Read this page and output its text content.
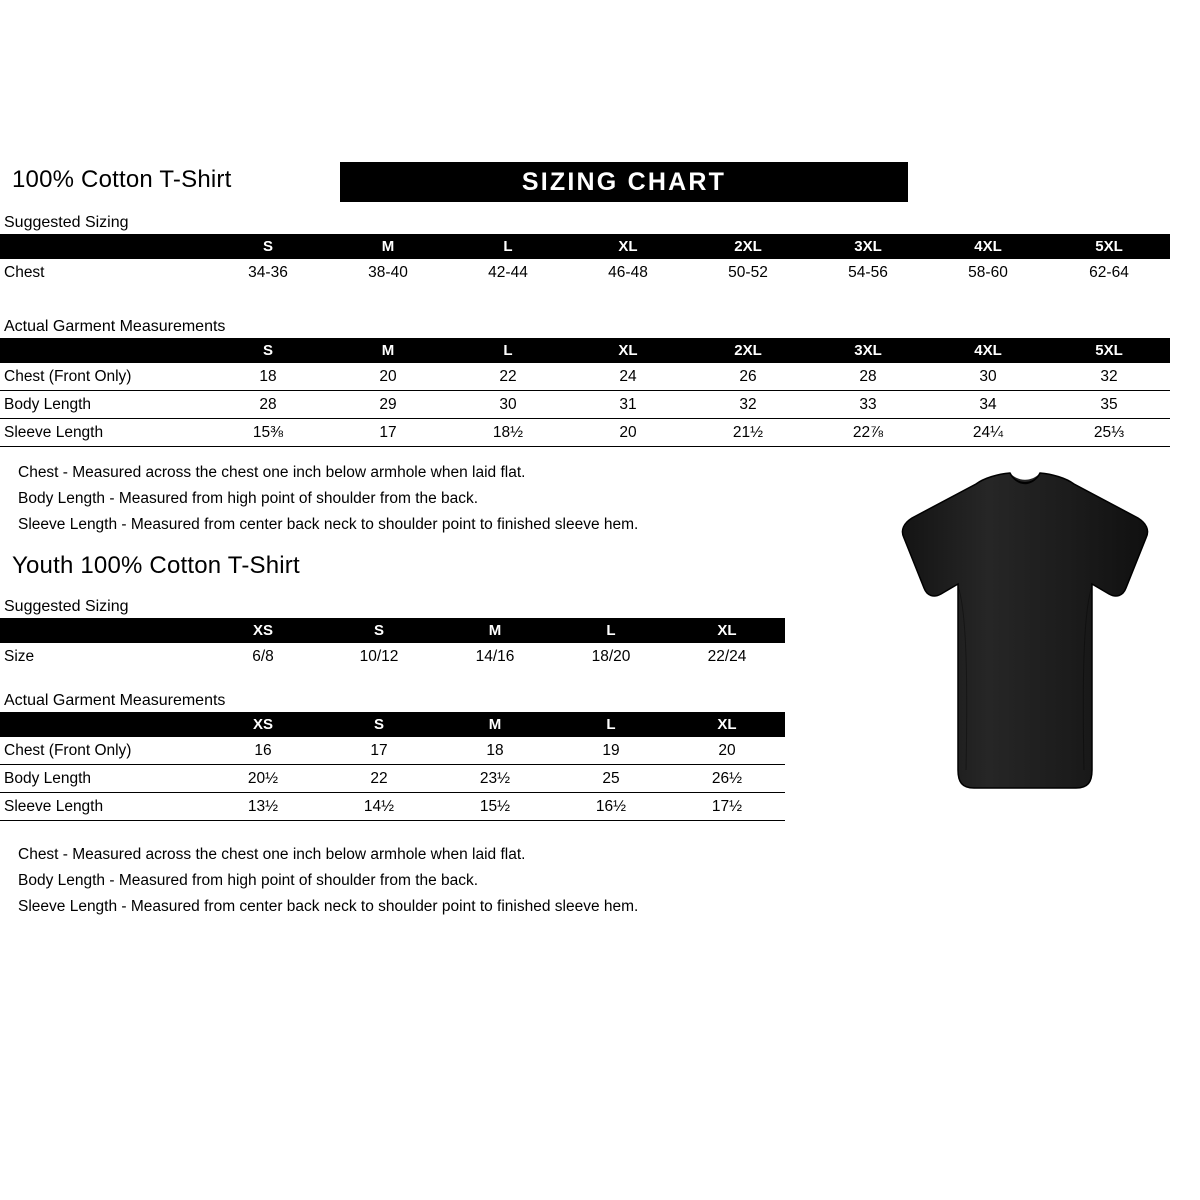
100% Cotton T-Shirt	SIZING CHART
Suggested Sizing
	S	M	L	XL	2XL	3XL	4XL	5XL
Chest	34-36	38-40	42-44	46-48	50-52	54-56	58-60	62-64
Actual Garment Measurements
	S	M	L	XL	2XL	3XL	4XL	5XL
Chest (Front Only)	18	20	22	24	26	28	30	32
Body Length	28	29	30	31	32	33	34	35
Sleeve Length	15⅜	17	18½	20	21½	22⅞	24¼	25⅓
Chest - Measured across the chest one inch below armhole when laid flat.
Body Length - Measured from high point of shoulder from the back.
Sleeve Length - Measured from center back neck to shoulder point to finished sleeve hem.
Youth 100% Cotton T-Shirt
Suggested Sizing
	XS	S	M	L	XL
Size	6/8	10/12	14/16	18/20	22/24
Actual Garment Measurements
	XS	S	M	L	XL
Chest (Front Only)	16	17	18	19	20
Body Length	20½	22	23½	25	26½
Sleeve Length	13½	14½	15½	16½	17½
Chest - Measured across the chest one inch below armhole when laid flat.
Body Length - Measured from high point of shoulder from the back.
Sleeve Length - Measured from center back neck to shoulder point to finished sleeve hem.
